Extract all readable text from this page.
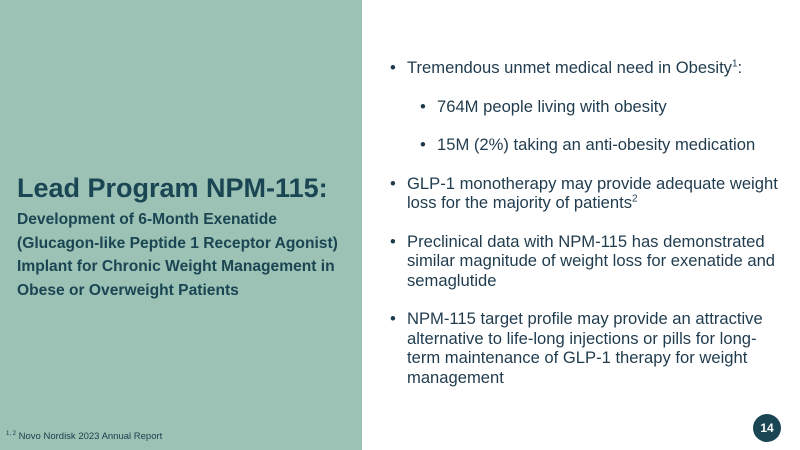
Lead Program NPM-115:
Development of 6-Month Exenatide (Glucagon-like Peptide 1 Receptor Agonist) Implant for Chronic Weight Management in Obese or Overweight Patients
$^{1, 2}$ Novo Nordisk 2023 Annual Report
• Tremendous unmet medical need in Obesity$^1$:
• 764M people living with obesity
• 15M (2%) taking an anti-obesity medication
• GLP-1 monotherapy may provide adequate weight loss for the majority of patients$^2$
• Preclinical data with NPM-115 has demonstrated similar magnitude of weight loss for exenatide and semaglutide
• NPM-115 target profile may provide an attractive alternative to life-long injections or pills for long-term maintenance of GLP-1 therapy for weight management
14
